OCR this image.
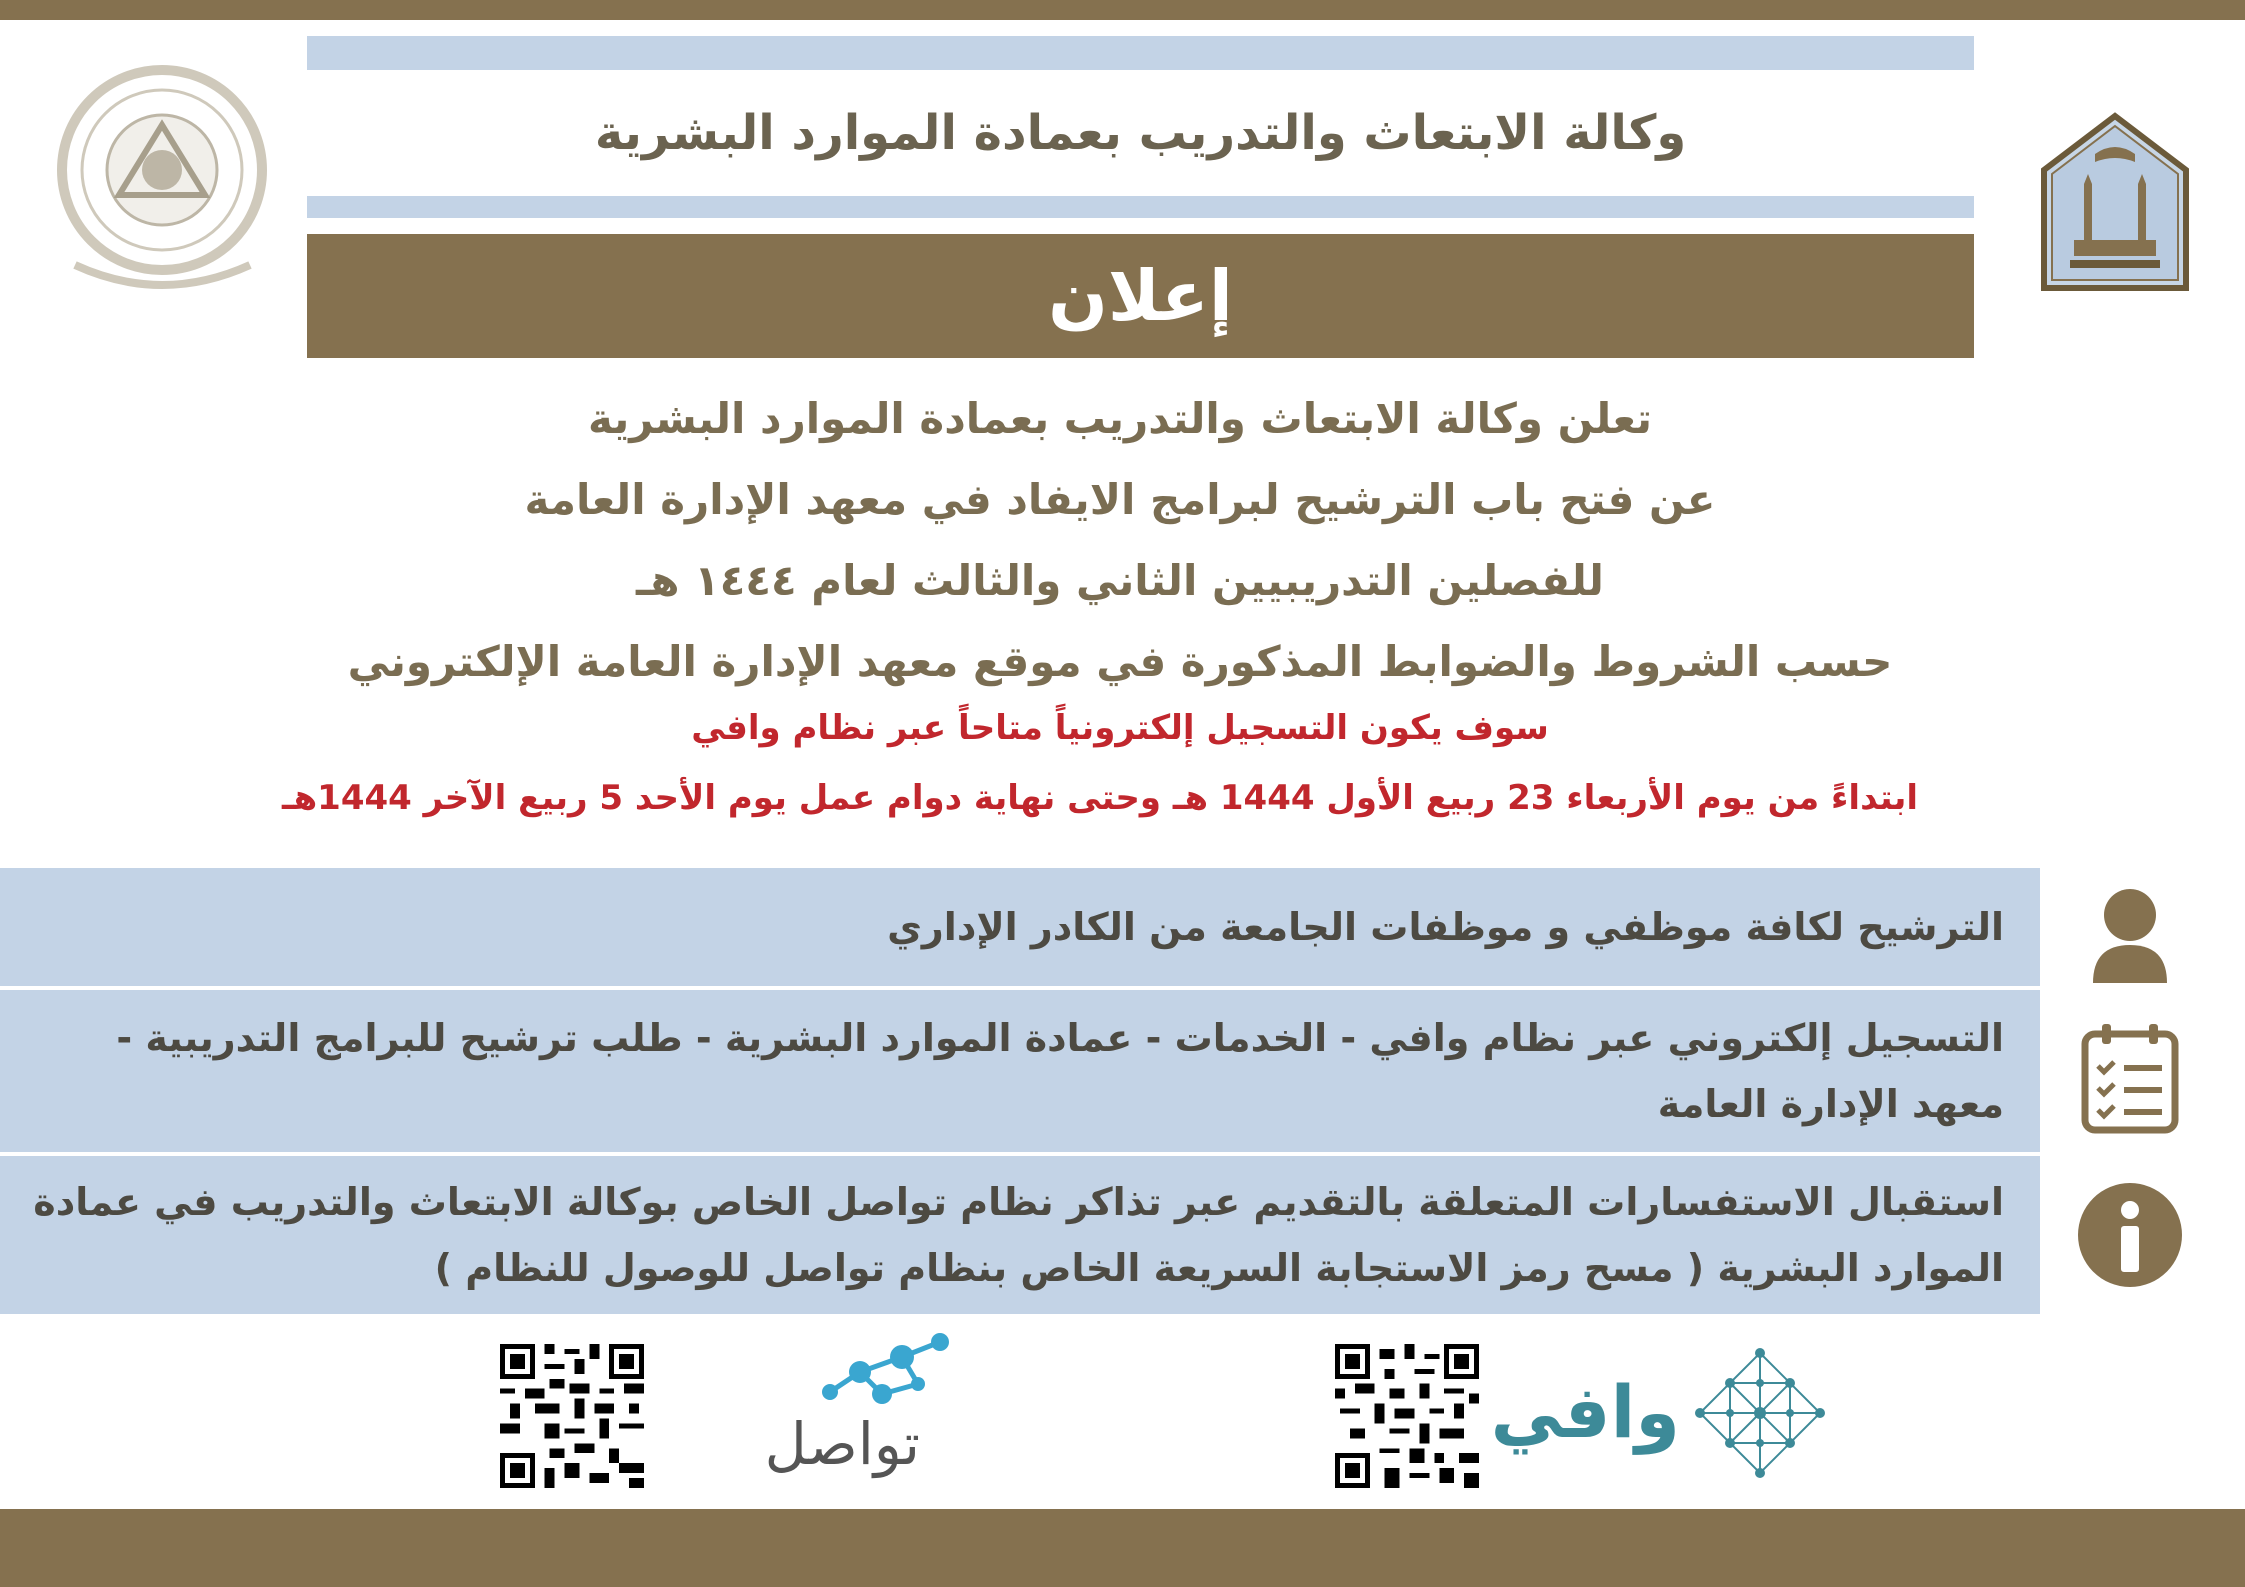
وكالة الابتعاث والتدريب بعمادة الموارد البشرية
إعلان
تعلن وكالة الابتعاث والتدريب بعمادة الموارد البشرية
عن فتح باب الترشيح لبرامج الايفاد في معهد الإدارة العامة
للفصلين التدريبيين الثاني والثالث لعام ١٤٤٤ هـ
حسب الشروط والضوابط المذكورة في موقع معهد الإدارة العامة الإلكتروني
سوف يكون التسجيل إلكترونياً متاحاً عبر نظام وافي
ابتداءً من يوم الأربعاء 23 ربيع الأول 1444 هـ وحتى نهاية دوام عمل يوم الأحد 5 ربيع الآخر 1444هـ
الترشيح لكافة موظفي و موظفات الجامعة من الكادر الإداري
التسجيل إلكتروني عبر نظام وافي - الخدمات - عمادة الموارد البشرية - طلب ترشيح للبرامج التدريبية - معهد الإدارة العامة
استقبال الاستفسارات المتعلقة بالتقديم عبر تذاكر نظام تواصل الخاص بوكالة الابتعاث والتدريب في عمادة الموارد البشرية ( مسح رمز الاستجابة السريعة الخاص بنظام تواصل للوصول للنظام )
تواصل	وافي
